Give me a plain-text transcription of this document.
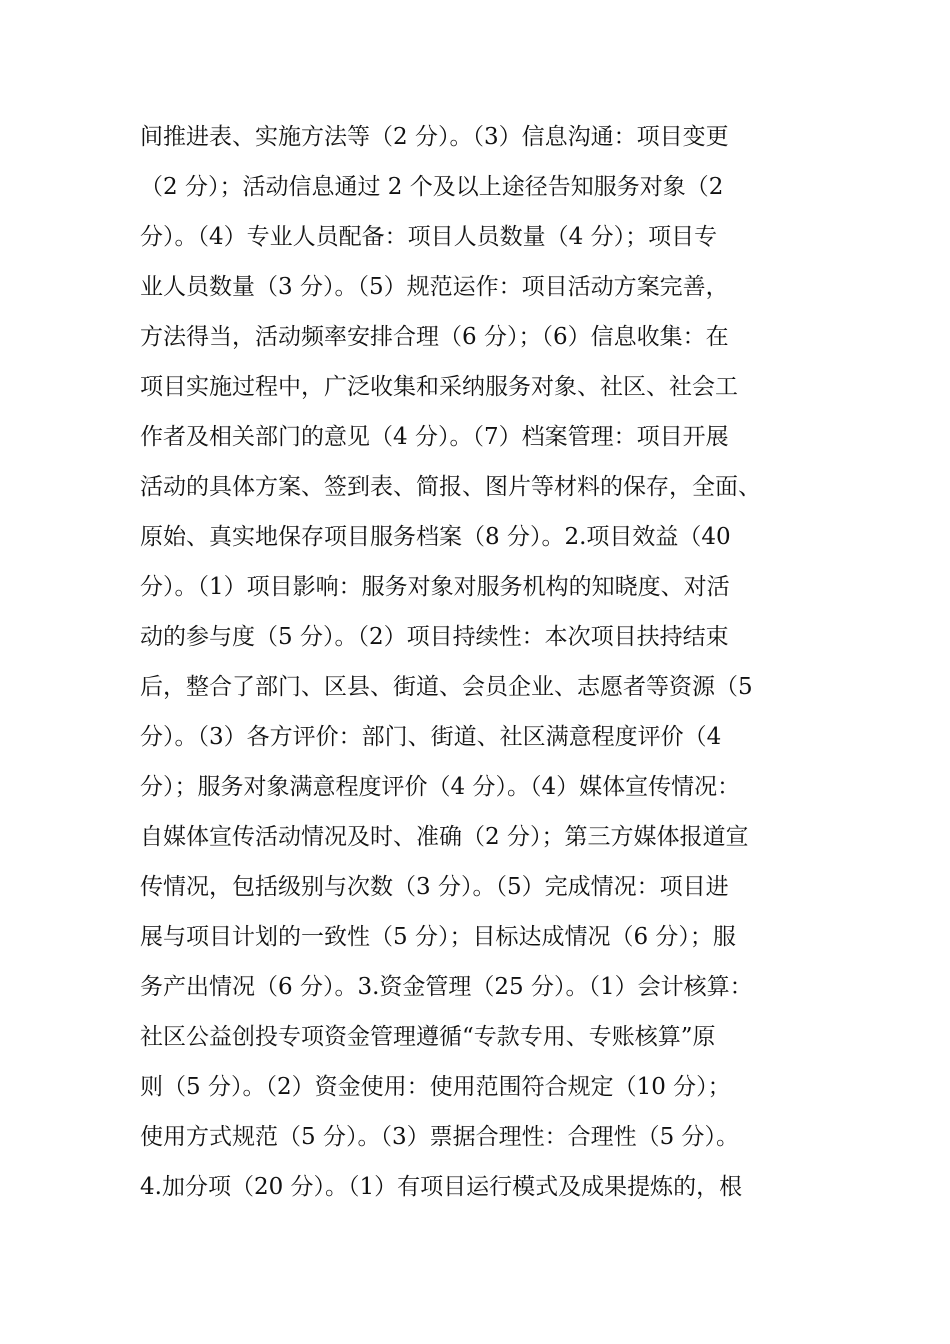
间推进表、实施方法等（2 分）。（3）信息沟通：项目变更
（2 分）；活动信息通过 2 个及以上途径告知服务对象（2
分）。（4）专业人员配备：项目人员数量（4 分）；项目专
业人员数量（3 分）。（5）规范运作：项目活动方案完善，
方法得当，活动频率安排合理（6 分）；（6）信息收集：在
项目实施过程中，广泛收集和采纳服务对象、社区、社会工
作者及相关部门的意见（4 分）。（7）档案管理：项目开展
活动的具体方案、签到表、简报、图片等材料的保存，全面、
原始、真实地保存项目服务档案（8 分）。2.项目效益（40
分）。（1）项目影响：服务对象对服务机构的知晓度、对活
动的参与度（5 分）。（2）项目持续性：本次项目扶持结束
后，整合了部门、区县、街道、会员企业、志愿者等资源（5
分）。（3）各方评价：部门、街道、社区满意程度评价（4
分）；服务对象满意程度评价（4 分）。（4）媒体宣传情况：
自媒体宣传活动情况及时、准确（2 分）；第三方媒体报道宣
传情况，包括级别与次数（3 分）。（5）完成情况：项目进
展与项目计划的一致性（5 分）；目标达成情况（6 分）；服
务产出情况（6 分）。3.资金管理（25 分）。（1）会计核算：
社区公益创投专项资金管理遵循“专款专用、专账核算”原
则（5 分）。（2）资金使用：使用范围符合规定（10 分）；
使用方式规范（5 分）。（3）票据合理性：合理性（5 分）。
4.加分项（20 分）。（1）有项目运行模式及成果提炼的，根
